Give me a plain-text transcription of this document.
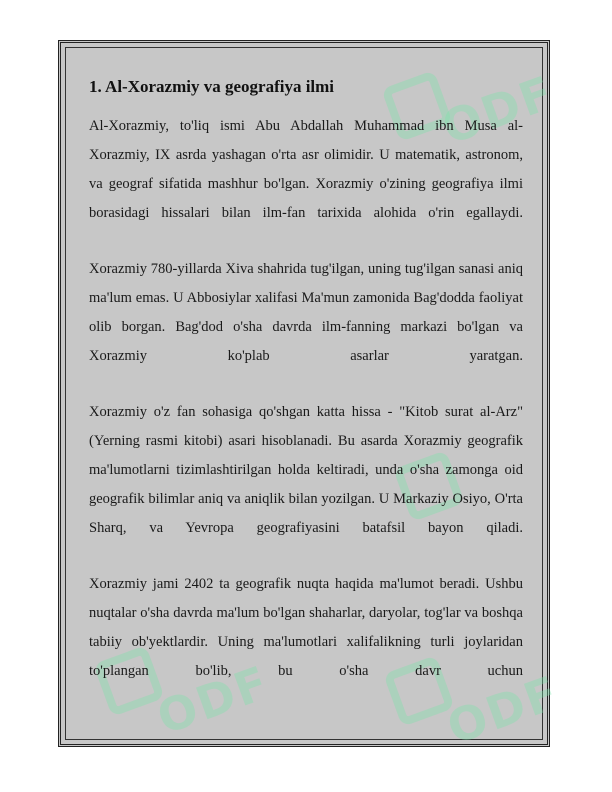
ODF
ODF	ODF
1. Al-Xorazmiy va geografiya ilmi

Al-Xorazmiy, to'liq ismi Abu Abdallah Muhammad ibn Musa al-Xorazmiy, IX asrda yashagan o'rta asr olimidir. U matematik, astronom, va geograf sifatida mashhur bo'lgan. Xorazmiy o'zining geografiya ilmi borasidagi hissalari bilan ilm-fan tarixida alohida o'rin egallaydi.

Xorazmiy 780-yillarda Xiva shahrida tug'ilgan, uning tug'ilgan sanasi aniq ma'lum emas. U Abbosiylar xalifasi Ma'mun zamonida Bag'dodda faoliyat olib borgan. Bag'dod o'sha davrda ilm-fanning markazi bo'lgan va Xorazmiy ko'plab asarlar yaratgan.

Xorazmiy o'z fan sohasiga qo'shgan katta hissa - "Kitob surat al-Arz" (Yerning rasmi kitobi) asari hisoblanadi. Bu asarda Xorazmiy geografik ma'lumotlarni tizimlashtirilgan holda keltiradi, unda o'sha zamonga oid geografik bilimlar aniq va aniqlik bilan yozilgan. U Markaziy Osiyo, O'rta Sharq, va Yevropa geografiyasini batafsil bayon qiladi.

Xorazmiy jami 2402 ta geografik nuqta haqida ma'lumot beradi. Ushbu nuqtalar o'sha davrda ma'lum bo'lgan shaharlar, daryolar, tog'lar va boshqa tabiiy ob'yektlardir. Uning ma'lumotlari xalifalikning turli joylaridan to'plangan bo'lib, bu o'sha davr uchun
